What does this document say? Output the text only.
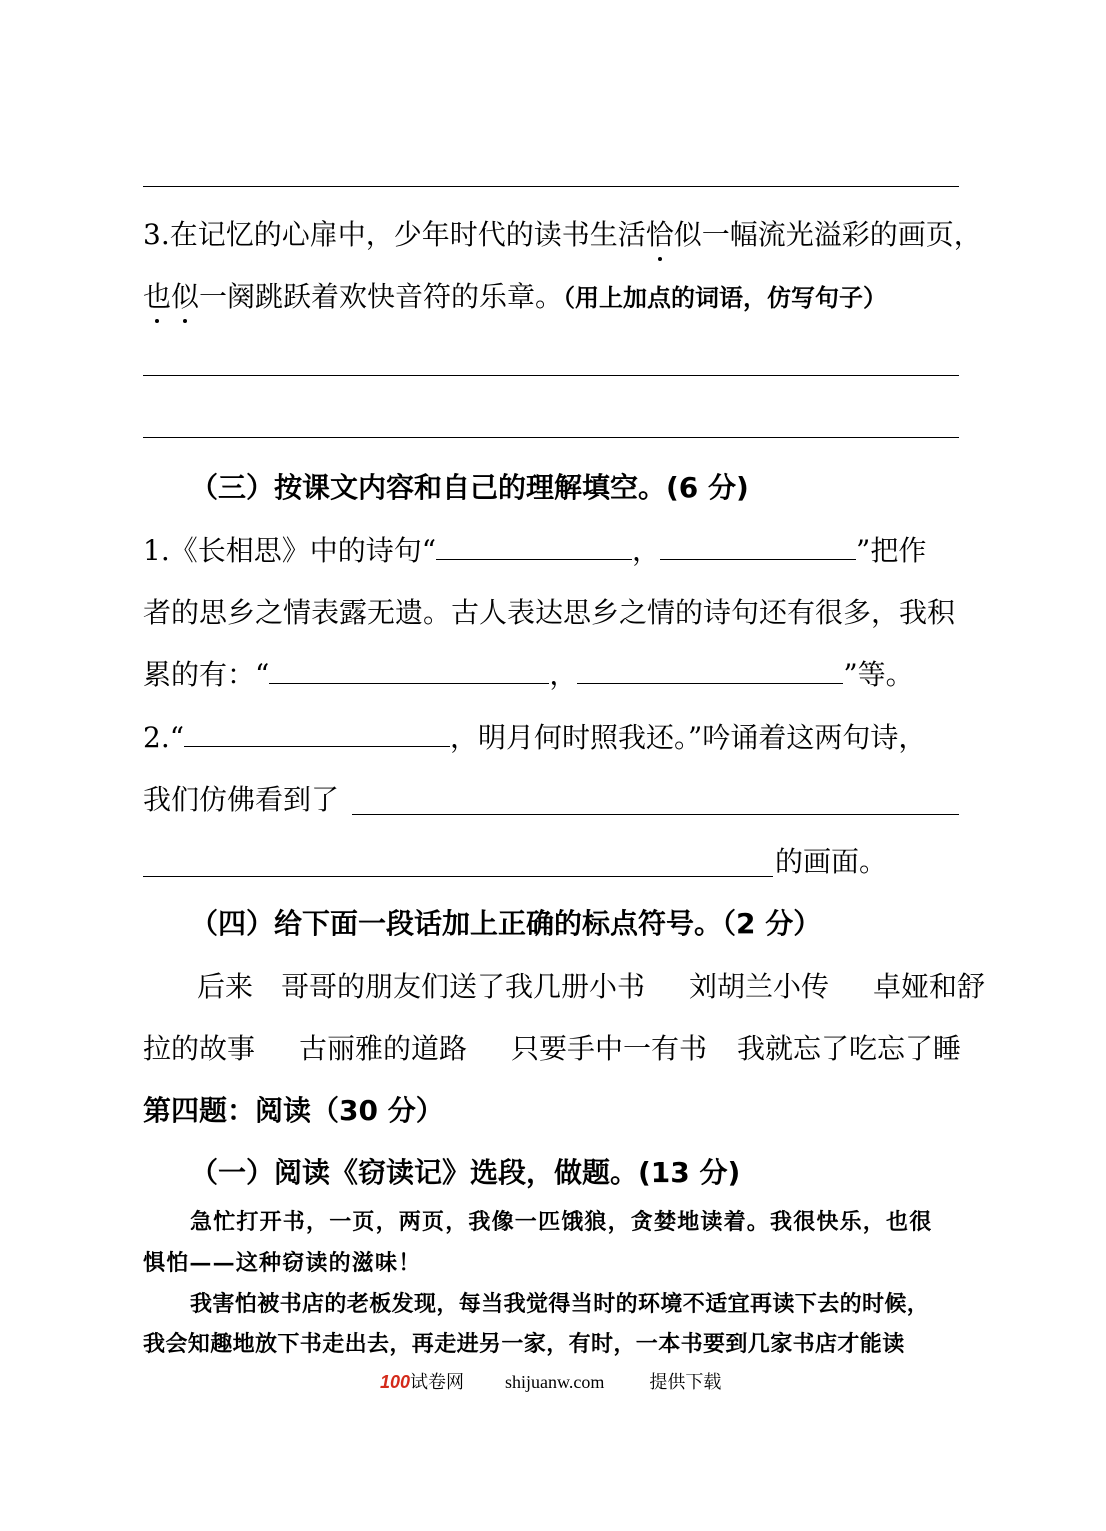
3.在记忆的心扉中，少年时代的读书生活恰似一幅流光溢彩的画页，
也似一阕跳跃着欢快音符的乐章。（用上加点的词语，仿写句子）
（三）按课文内容和自己的理解填空。(6 分)
1.《长相思》中的诗句“	，	”把作
者的思乡之情表露无遗。古人表达思乡之情的诗句还有很多，我积
累的有：“	，	”等。
2.“	，明月何时照我还。”吟诵着这两句诗，
我们仿佛看到了
的画面。
（四）给下面一段话加上正确的标点符号。（2 分）
后来 哥哥的朋友们送了我几册小书 刘胡兰小传 卓娅和舒
拉的故事 古丽雅的道路 只要手中一有书 我就忘了吃忘了睡
第四题：阅读（30 分）
（一）阅读《窃读记》选段，做题。(13 分)
急忙打开书，一页，两页，我像一匹饿狼，贪婪地读着。我很快乐，也很
惧怕——这种窃读的滋味！
我害怕被书店的老板发现，每当我觉得当时的环境不适宜再读下去的时候，
我会知趣地放下书走出去，再走进另一家，有时，一本书要到几家书店才能读
100试卷网 shijuanw.com	提供下载
